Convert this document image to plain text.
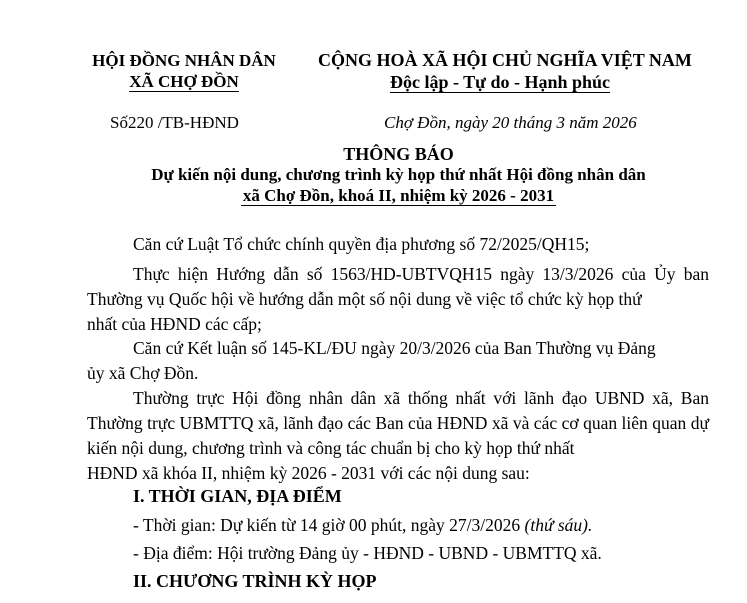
HỘI ĐỒNG NHÂN DÂN
XÃ CHỢ ĐỒN
CỘNG HOÀ XÃ HỘI CHỦ NGHĨA VIỆT NAM
Độc lập - Tự do - Hạnh phúc
Số220 /TB-HĐND	Chợ Đồn, ngày 20 tháng 3 năm 2026
THÔNG BÁO
Dự kiến nội dung, chương trình kỳ họp thứ nhất Hội đồng nhân dân
xã Chợ Đồn, khoá II, nhiệm kỳ 2026 - 2031
Căn cứ Luật Tổ chức chính quyền địa phương số 72/2025/QH15;
Thực hiện Hướng dẫn số 1563/HD-UBTVQH15 ngày 13/3/2026 của Ủy ban Thường vụ Quốc hội về hướng dẫn một số nội dung về việc tổ chức kỳ họp thứ
nhất của HĐND các cấp;
Căn cứ Kết luận số 145-KL/ĐU ngày 20/3/2026 của Ban Thường vụ Đảng
ủy xã Chợ Đồn.
Thường trực Hội đồng nhân dân xã thống nhất với lãnh đạo UBND xã, Ban Thường trực UBMTTQ xã, lãnh đạo các Ban của HĐND xã và các cơ quan liên quan dự kiến nội dung, chương trình và công tác chuẩn bị cho kỳ họp thứ nhất
HĐND xã khóa II, nhiệm kỳ 2026 - 2031 với các nội dung sau:
I. THỜI GIAN, ĐỊA ĐIỂM
- Thời gian: Dự kiến từ 14 giờ 00 phút, ngày 27/3/2026 (thứ sáu).
- Địa điểm: Hội trường Đảng ủy - HĐND - UBND - UBMTTQ xã.
II. CHƯƠNG TRÌNH KỲ HỌP
